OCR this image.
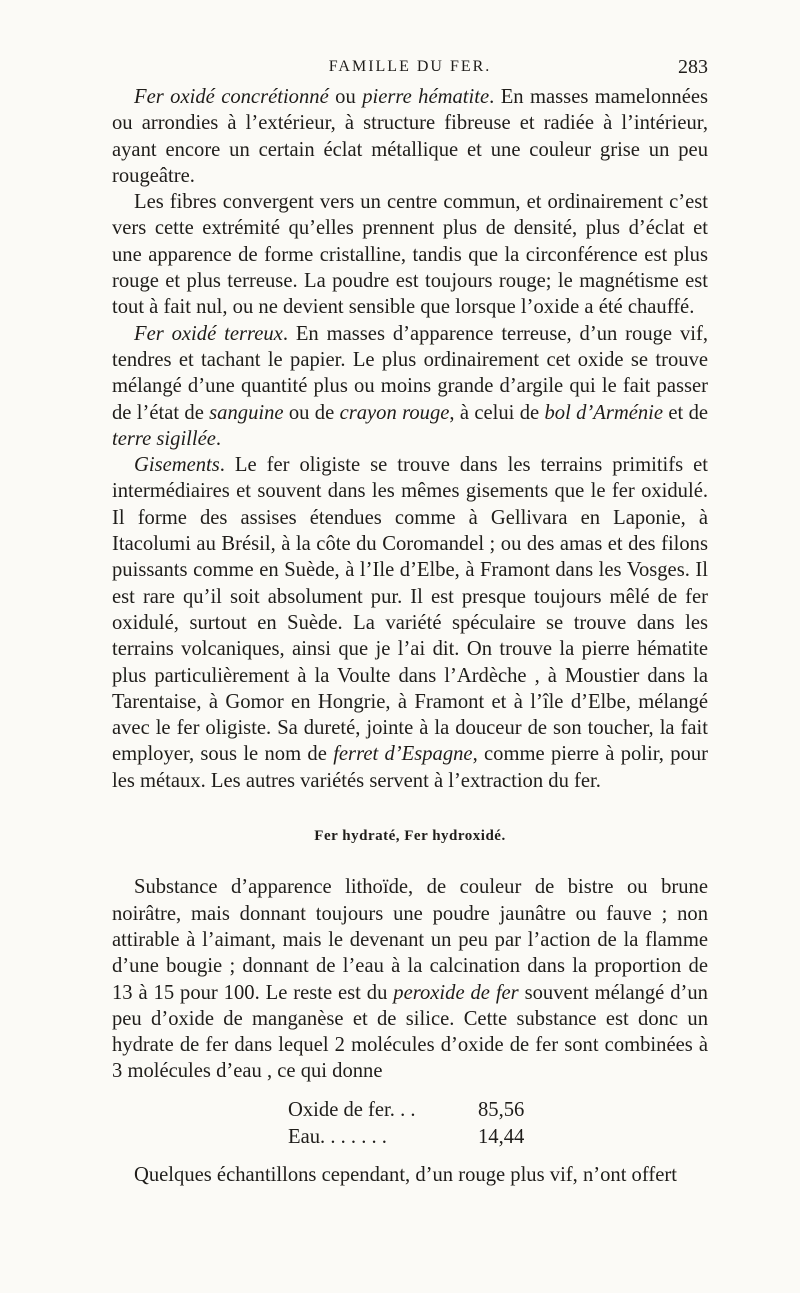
FAMILLE DU FER.	283

Fer oxidé concrétionné ou pierre hématite. En masses mamelonnées ou arrondies à l’extérieur, à structure fibreuse et radiée à l’intérieur, ayant encore un certain éclat métallique et une couleur grise un peu rougeâtre.

Les fibres convergent vers un centre commun, et ordinairement c’est vers cette extrémité qu’elles prennent plus de densité, plus d’éclat et une apparence de forme cristalline, tandis que la circonférence est plus rouge et plus terreuse. La poudre est toujours rouge; le magnétisme est tout à fait nul, ou ne devient sensible que lorsque l’oxide a été chauffé.

Fer oxidé terreux. En masses d’apparence terreuse, d’un rouge vif, tendres et tachant le papier. Le plus ordinairement cet oxide se trouve mélangé d’une quantité plus ou moins grande d’argile qui le fait passer de l’état de sanguine ou de crayon rouge, à celui de bol d’Arménie et de terre sigillée.

Gisements. Le fer oligiste se trouve dans les terrains primitifs et intermédiaires et souvent dans les mêmes gisements que le fer oxidulé. Il forme des assises étendues comme à Gellivara en Laponie, à Itacolumi au Brésil, à la côte du Coromandel ; ou des amas et des filons puissants comme en Suède, à l’Ile d’Elbe, à Framont dans les Vosges. Il est rare qu’il soit absolument pur. Il est presque toujours mêlé de fer oxidulé, surtout en Suède. La variété spéculaire se trouve dans les terrains volcaniques, ainsi que je l’ai dit. On trouve la pierre hématite plus particulièrement à la Voulte dans l’Ardèche , à Moustier dans la Tarentaise, à Gomor en Hongrie, à Framont et à l’île d’Elbe, mélangé avec le fer oligiste. Sa dureté, jointe à la douceur de son toucher, la fait employer, sous le nom de ferret d’Espagne, comme pierre à polir, pour les métaux. Les autres variétés servent à l’extraction du fer.

Fer hydraté, Fer hydroxidé.

Substance d’apparence lithoïde, de couleur de bistre ou brune noirâtre, mais donnant toujours une poudre jaunâtre ou fauve ; non attirable à l’aimant, mais le devenant un peu par l’action de la flamme d’une bougie ; donnant de l’eau à la calcination dans la proportion de 13 à 15 pour 100. Le reste est du peroxide de fer souvent mélangé d’un peu d’oxide de manganèse et de silice. Cette substance est donc un hydrate de fer dans lequel 2 molécules d’oxide de fer sont combinées à 3 molécules d’eau , ce qui donne

Oxide de fer. . .	85,56
Eau. . . . . . .	14,44

Quelques échantillons cependant, d’un rouge plus vif, n’ont offert
